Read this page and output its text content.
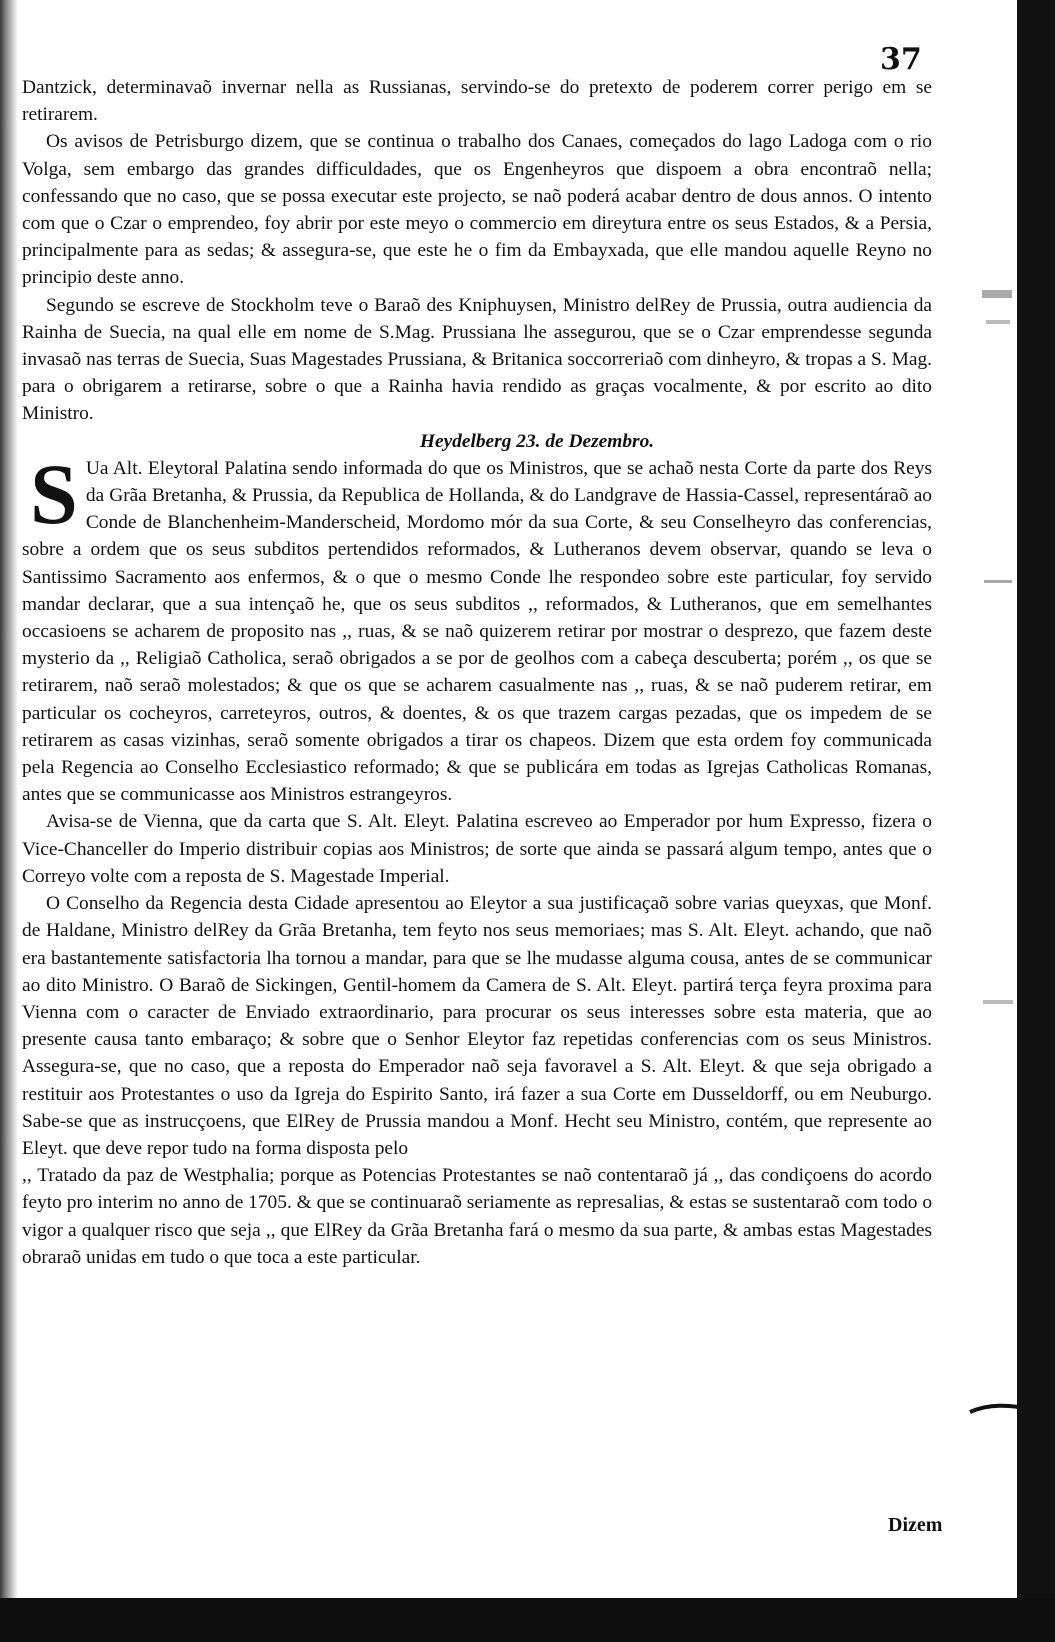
37

Dantzick, determinavaõ invernar nella as Russianas, servindo-se do pretexto de poderem correr perigo em se retirarem.

Os avisos de Petrisburgo dizem, que se continua o trabalho dos Canaes, começados do lago Ladoga com o rio Volga, sem embargo das grandes difficuldades, que os Engenheyros que dispoem a obra encontraõ nella; confessando que no caso, que se possa executar este projecto, se naõ poderá acabar dentro de dous annos. O intento com que o Czar o emprendeo, foy abrir por este meyo o commercio em direytura entre os seus Estados, & a Persia, principalmente para as sedas; & assegura-se, que este he o fim da Embayxada, que elle mandou aquelle Reyno no principio deste anno.

Segundo se escreve de Stockholm teve o Baraõ des Kniphuysen, Ministro delRey de Prussia, outra audiencia da Rainha de Suecia, na qual elle em nome de S.Mag. Prussiana lhe assegurou, que se o Czar emprendesse segunda invasaõ nas terras de Suecia, Suas Magestades Prussiana, & Britanica soccorreriaõ com dinheyro, & tropas a S. Mag. para o obrigarem a retirarse, sobre o que a Rainha havia rendido as graças vocalmente, & por escrito ao dito Ministro.

Heydelberg 23. de Dezembro.

S Ua Alt. Eleytoral Palatina sendo informada do que os Ministros, que se achaõ nesta Corte da parte dos Reys da Grãa Bretanha, & Prussia, da Republica de Hollanda, & do Landgrave de Hassia-Cassel, representáraõ ao Conde de Blanchenheim-Manderscheid, Mordomo mór da sua Corte, & seu Conselheyro das conferencias, sobre a ordem que os seus subditos pertendidos reformados, & Lutheranos devem observar, quando se leva o Santissimo Sacramento aos enfermos, & o que o mesmo Conde lhe respondeo sobre este particular, foy servido mandar declarar, que a sua intençaõ he, que os seus subditos ,, reformados, & Lutheranos, que em semelhantes occasioens se acharem de proposito nas ,, ruas, & se naõ quizerem retirar por mostrar o desprezo, que fazem deste mysterio da ,, Religiaõ Catholica, seraõ obrigados a se por de geolhos com a cabeça descuberta; porém ,, os que se retirarem, naõ seraõ molestados; & que os que se acharem casualmente nas ,, ruas, & se naõ puderem retirar, em particular os cocheyros, carreteyros, outros, & doentes, & os que trazem cargas pezadas, que os impedem de se retirarem as casas vizinhas, seraõ somente obrigados a tirar os chapeos. Dizem que esta ordem foy communicada pela Regencia ao Conselho Ecclesiastico reformado; & que se publicára em todas as Igrejas Catholicas Romanas, antes que se communicasse aos Ministros estrangeyros.

Avisa-se de Vienna, que da carta que S. Alt. Eleyt. Palatina escreveo ao Emperador por hum Expresso, fizera o Vice-Chanceller do Imperio distribuir copias aos Ministros; de sorte que ainda se passará algum tempo, antes que o Correyo volte com a reposta de S. Magestade Imperial.

O Conselho da Regencia desta Cidade apresentou ao Eleytor a sua justificaçaõ sobre varias queyxas, que Monf. de Haldane, Ministro delRey da Grãa Bretanha, tem feyto nos seus memoriaes; mas S. Alt. Eleyt. achando, que naõ era bastantemente satisfactoria lha tornou a mandar, para que se lhe mudasse alguma cousa, antes de se communicar ao dito Ministro. O Baraõ de Sickingen, Gentil-homem da Camera de S. Alt. Eleyt. partirá terça feyra proxima para Vienna com o caracter de Enviado extraordinario, para procurar os seus interesses sobre esta materia, que ao presente causa tanto embaraço; & sobre que o Senhor Eleytor faz repetidas conferencias com os seus Ministros. Assegura-se, que no caso, que a reposta do Emperador naõ seja favoravel a S. Alt. Eleyt. & que seja obrigado a restituir aos Protestantes o uso da Igreja do Espirito Santo, irá fazer a sua Corte em Dusseldorff, ou em Neuburgo. Sabe-se que as instrucçoens, que ElRey de Prussia mandou a Monf. Hecht seu Ministro, contém, que represente ao Eleyt. que deve repor tudo na forma disposta pelo

,, Tratado da paz de Westphalia; porque as Potencias Protestantes se naõ contentaraõ já ,, das condiçoens do acordo feyto pro interim no anno de 1705. & que se continuaraõ seriamente as represalias, & estas se sustentaraõ com todo o vigor a qualquer risco que seja ,, que ElRey da Grãa Bretanha fará o mesmo da sua parte, & ambas estas Magestades obraraõ unidas em tudo o que toca a este particular.

Dizem
